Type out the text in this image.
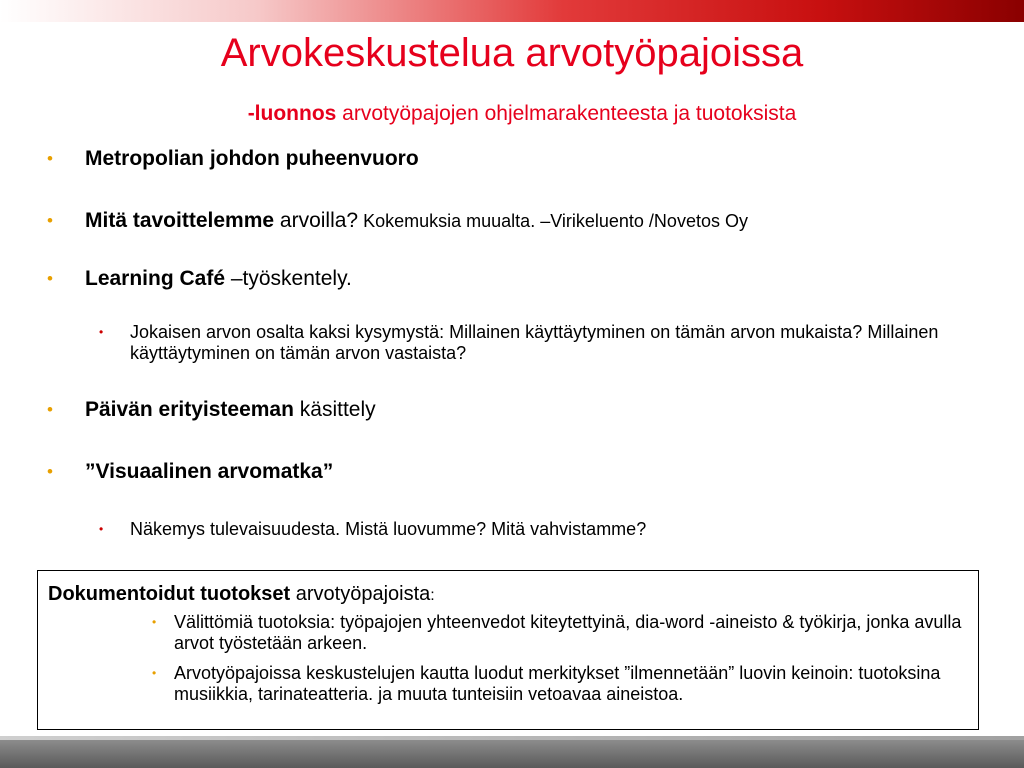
Arvokeskustelua arvotyöpajoissa
-luonnos arvotyöpajojen ohjelmarakenteesta ja tuotoksista
• Metropolian johdon puheenvuoro
• Mitä tavoittelemme arvoilla? Kokemuksia muualta. –Virikeluento /Novetos Oy
• Learning Café –työskentely.
• Jokaisen arvon osalta kaksi kysymystä: Millainen käyttäytyminen on tämän arvon mukaista? Millainen käyttäytyminen on tämän arvon vastaista?
• Päivän erityisteeman käsittely
• ”Visuaalinen arvomatka”
• Näkemys tulevaisuudesta. Mistä luovumme? Mitä vahvistamme?
Dokumentoidut tuotokset arvotyöpajoista:
• Välittömiä tuotoksia: työpajojen yhteenvedot kiteytettyinä, dia-word -aineisto & työkirja, jonka avulla arvot työstetään arkeen.
• Arvotyöpajoissa keskustelujen kautta luodut merkitykset ”ilmennetään” luovin keinoin: tuotoksina musiikkia, tarinateatteria. ja muuta tunteisiin vetoavaa aineistoa.
